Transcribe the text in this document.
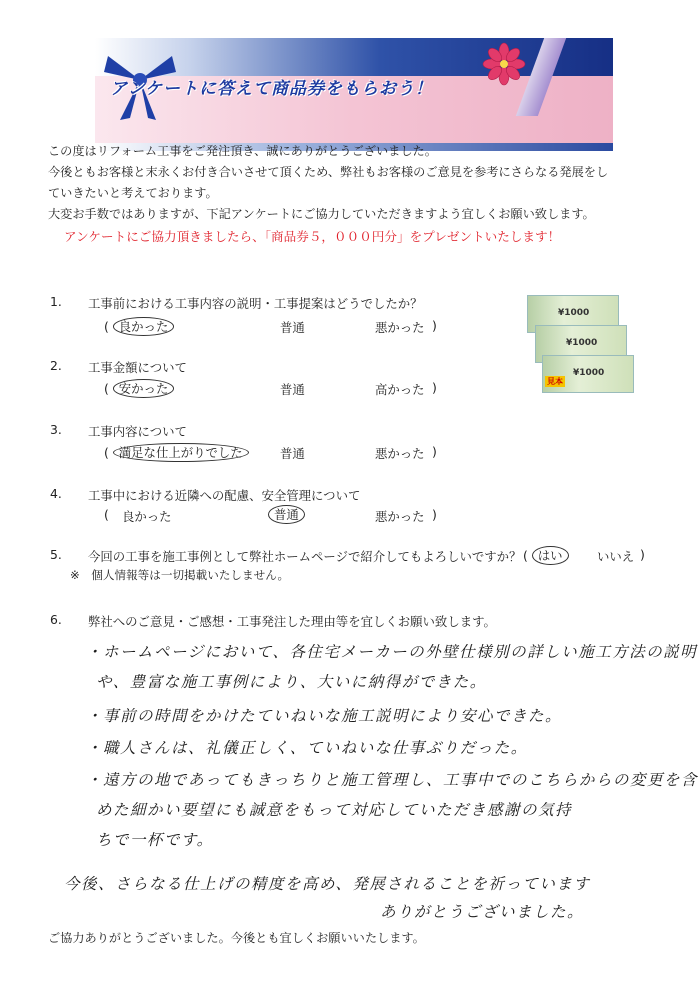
アンケートに答えて商品券をもらおう！
この度はリフォーム工事をご発注頂き、誠にありがとうございました。
今後ともお客様と末永くお付き合いさせて頂くため、弊社もお客様のご意見を参考にさらなる発展をし
ていきたいと考えております。
大変お手数ではありますが、下記アンケートにご協力していただきますよう宜しくお願い致します。
アンケートにご協力頂きましたら、「商品券５，０００円分」をプレゼントいたします！
¥1000
¥1000
¥1000
見本
1. 工事前における工事内容の説明・工事提案はどうでしたか？
( 良かった	普通	悪かった )
2. 工事金額について
( 安かった	普通	高かった )
3. 工事内容について
( 満足な仕上がりでした	普通	悪かった )
4. 工事中における近隣への配慮、安全管理について
( 良かった	普通	悪かった )
5. 今回の工事を施工事例として弊社ホームページで紹介してもよろしいですか？ ( はい	いいえ )
※　個人情報等は一切掲載いたしません。
6. 弊社へのご意見・ご感想・工事発注した理由等を宜しくお願い致します。
・ホームページにおいて、各住宅メーカーの外壁仕様別の詳しい施工方法の説明
や、豊富な施工事例により、大いに納得ができた。
・事前の時間をかけたていねいな施工説明により安心できた。
・職人さんは、礼儀正しく、ていねいな仕事ぶりだった。
・遠方の地であってもきっちりと施工管理し、工事中でのこちらからの変更を含
めた細かい要望にも誠意をもって対応していただき感謝の気持
ちで一杯です。
今後、さらなる仕上げの精度を高め、発展されることを祈っています
ありがとうございました。
ご協力ありがとうございました。今後とも宜しくお願いいたします。
